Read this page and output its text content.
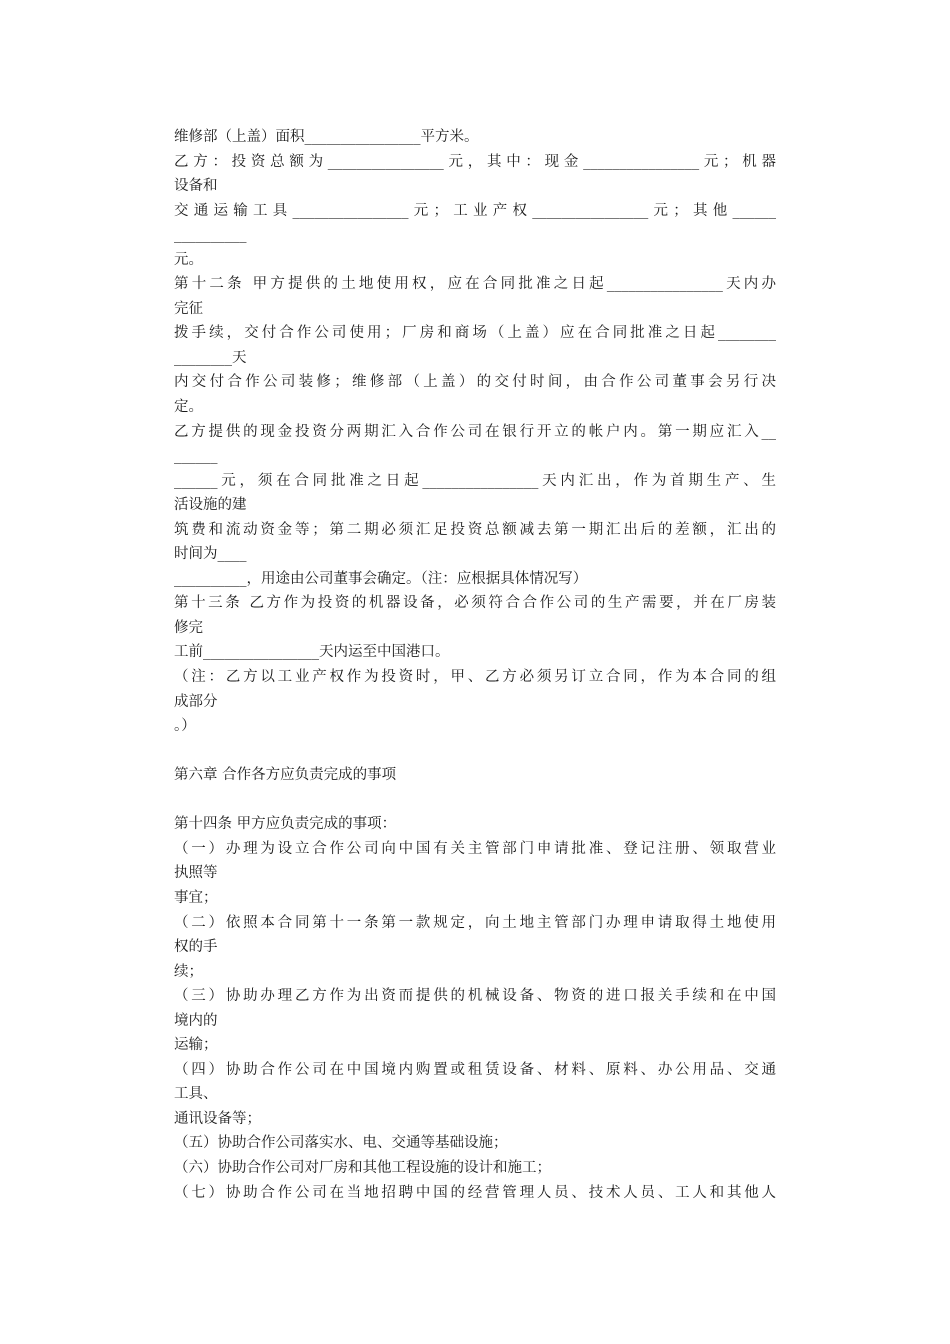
维修部（上盖）面积________________平方米。
乙方：投资总额为________________元，其中：现金________________元；机器
设备和
交通运输工具________________元；工业产权________________元；其他______
__________
元。
第十二条 甲方提供的土地使用权，应在合同批准之日起________________天内办
完征
拨手续，交付合作公司使用；厂房和商场（上盖）应在合同批准之日起________
________天
内交付合作公司装修；维修部（上盖）的交付时间，由合作公司董事会另行决
定。
乙方提供的现金投资分两期汇入合作公司在银行开立的帐户内。第一期应汇入__
______
______元，须在合同批准之日起________________天内汇出，作为首期生产、生
活设施的建
筑费和流动资金等；第二期必须汇足投资总额减去第一期汇出后的差额，汇出的
时间为____
__________，用途由公司董事会确定。（注：应根据具体情况写）
第十三条 乙方作为投资的机器设备，必须符合合作公司的生产需要，并在厂房装
修完
工前________________天内运至中国港口。
（注：乙方以工业产权作为投资时，甲、乙方必须另订立合同，作为本合同的组
成部分
。）
第六章 合作各方应负责完成的事项
第十四条 甲方应负责完成的事项：
（一）办理为设立合作公司向中国有关主管部门申请批准、登记注册、领取营业
执照等
事宜；
（二）依照本合同第十一条第一款规定，向土地主管部门办理申请取得土地使用
权的手
续；
（三）协助办理乙方作为出资而提供的机械设备、物资的进口报关手续和在中国
境内的
运输；
（四）协助合作公司在中国境内购置或租赁设备、材料、原料、办公用品、交通
工具、
通讯设备等；
（五）协助合作公司落实水、电、交通等基础设施；
（六）协助合作公司对厂房和其他工程设施的设计和施工；
（七）协助合作公司在当地招聘中国的经营管理人员、技术人员、工人和其他人
